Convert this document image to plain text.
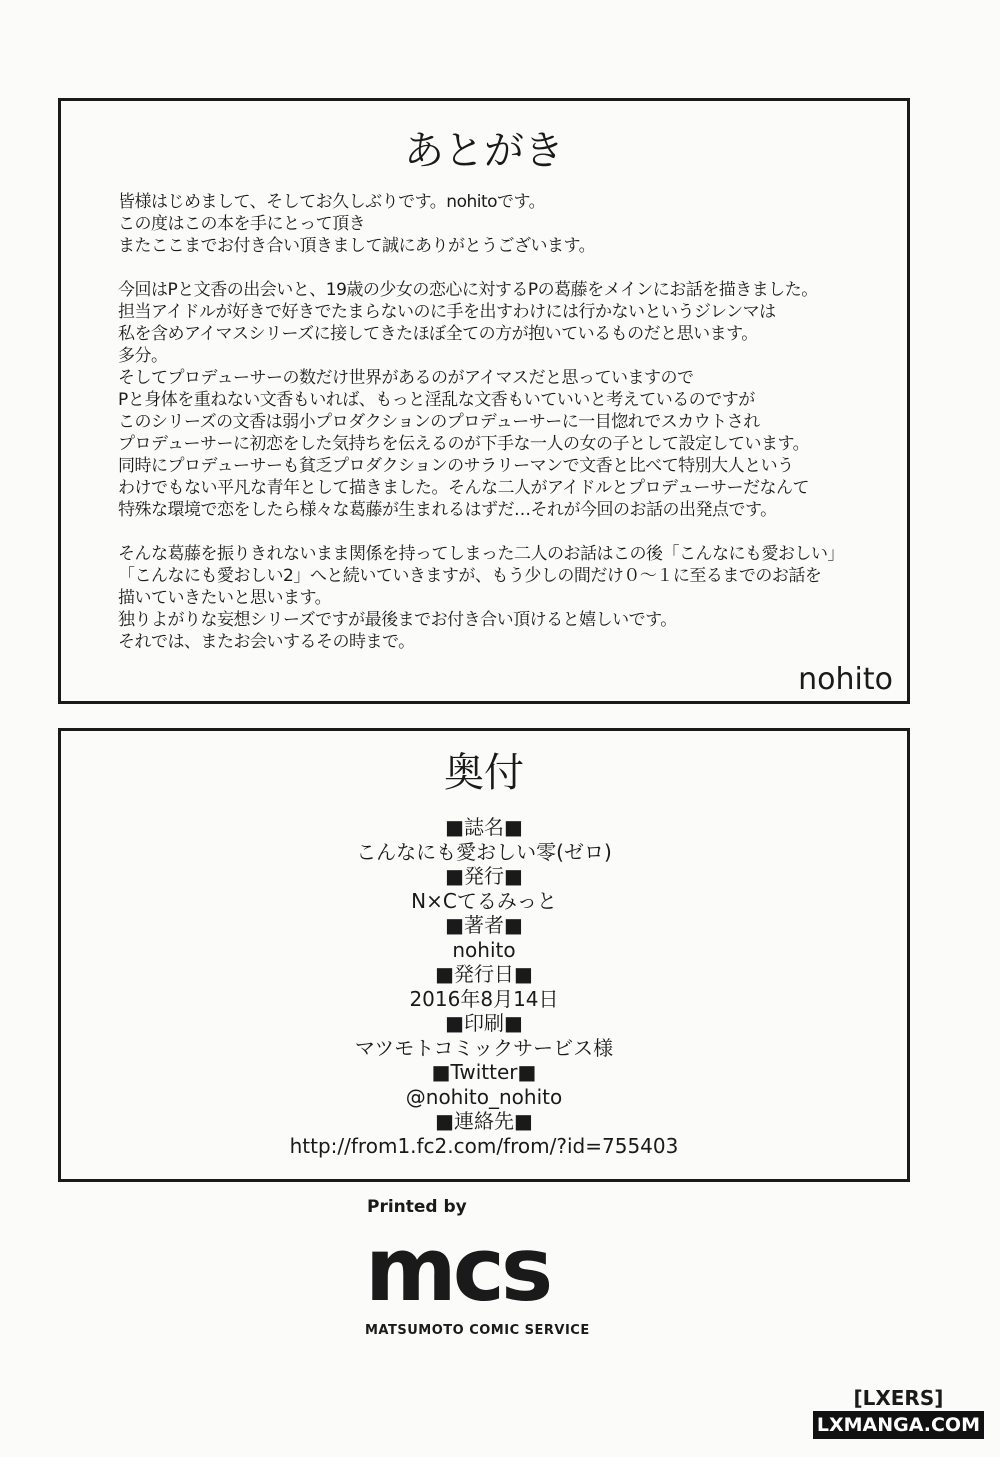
あとがき
皆様はじめまして、そしてお久しぶりです。nohitoです。
この度はこの本を手にとって頂き
またここまでお付き合い頂きまして誠にありがとうございます。
今回はPと文香の出会いと、19歳の少女の恋心に対するPの葛藤をメインにお話を描きました。
担当アイドルが好きで好きでたまらないのに手を出すわけには行かないというジレンマは
私を含めアイマスシリーズに接してきたほぼ全ての方が抱いているものだと思います。
多分。
そしてプロデューサーの数だけ世界があるのがアイマスだと思っていますので
Pと身体を重ねない文香もいれば、もっと淫乱な文香もいていいと考えているのですが
このシリーズの文香は弱小プロダクションのプロデューサーに一目惚れでスカウトされ
プロデューサーに初恋をした気持ちを伝えるのが下手な一人の女の子として設定しています。
同時にプロデューサーも貧乏プロダクションのサラリーマンで文香と比べて特別大人という
わけでもない平凡な青年として描きました。そんな二人がアイドルとプロデューサーだなんて
特殊な環境で恋をしたら様々な葛藤が生まれるはずだ…それが今回のお話の出発点です。
そんな葛藤を振りきれないまま関係を持ってしまった二人のお話はこの後「こんなにも愛おしい」
「こんなにも愛おしい2」へと続いていきますが、もう少しの間だけ０～１に至るまでのお話を
描いていきたいと思います。
独りよがりな妄想シリーズですが最後までお付き合い頂けると嬉しいです。
それでは、またお会いするその時まで。
nohito
奥付
■誌名■
こんなにも愛おしい零(ゼロ)
■発行■
N×Cてるみっと
■著者■
nohito
■発行日■
2016年8月14日
■印刷■
マツモトコミックサービス様
■Twitter■
@nohito_nohito
■連絡先■
http://from1.fc2.com/from/?id=755403
Printed by
mcs
MATSUMOTO COMIC SERVICE
[LXERS]
LXMANGA.COM
